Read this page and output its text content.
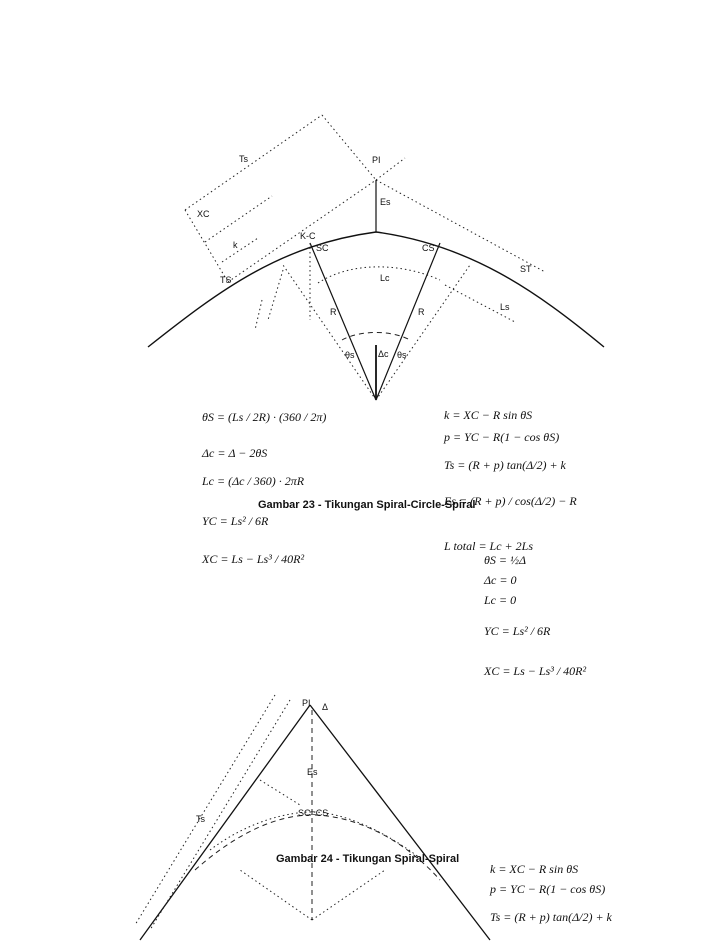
PI
Ts
XC
k
TS
K-C
SC	CS
ST
Lc
Ls
Es
R	R
θs	θs
Δc
PI Δ
Es
SC=CS
Ts
θS = (Ls / 2R) · (360 / 2π)
Δc = Δ − 2θS
Lc = (Δc / 360) · 2πR
YC = Ls² / 6R
XC = Ls − Ls³ / 40R²
k = XC − R sin θS
p = YC − R(1 − cos θS)
Ts = (R + p) tan(Δ/2) + k
Es = (R + p) / cos(Δ/2) − R
L total = Lc + 2Ls
Gambar 23 - Tikungan Spiral-Circle-Spiral
θS = ½Δ
Δc = 0
Lc = 0
YC = Ls² / 6R
XC = Ls − Ls³ / 40R²
Gambar 24 - Tikungan Spiral-Spiral
k = XC − R sin θS
p = YC − R(1 − cos θS)
Ts = (R + p) tan(Δ/2) + k
